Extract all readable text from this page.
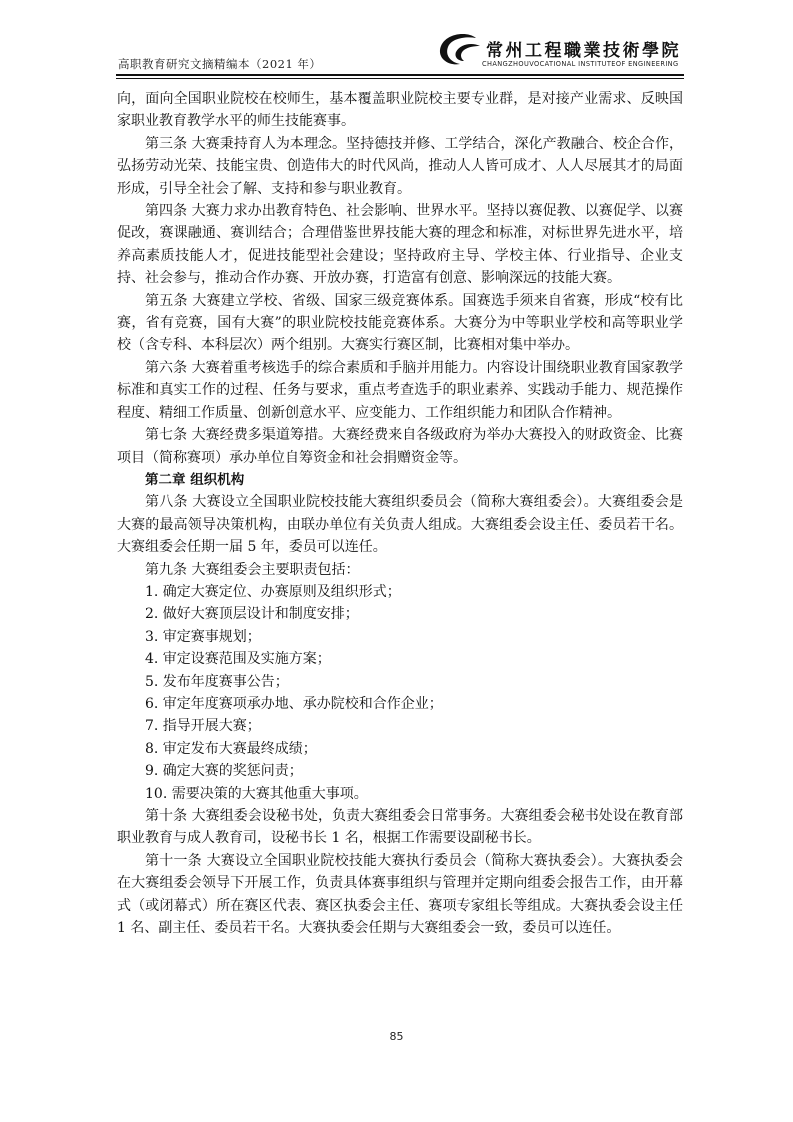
高职教育研究文摘精编本（2021 年）
常州工程職業技術學院
CHANGZHOUVOCATIONAL INSTITUTEOF ENGINEERING

向，面向全国职业院校在校师生，基本覆盖职业院校主要专业群，是对接产业需求、反映国家职业教育教学水平的师生技能赛事。

第三条 大赛秉持育人为本理念。坚持德技并修、工学结合，深化产教融合、校企合作，弘扬劳动光荣、技能宝贵、创造伟大的时代风尚，推动人人皆可成才、人人尽展其才的局面形成，引导全社会了解、支持和参与职业教育。

第四条 大赛力求办出教育特色、社会影响、世界水平。坚持以赛促教、以赛促学、以赛促改，赛课融通、赛训结合；合理借鉴世界技能大赛的理念和标准，对标世界先进水平，培养高素质技能人才，促进技能型社会建设；坚持政府主导、学校主体、行业指导、企业支持、社会参与，推动合作办赛、开放办赛，打造富有创意、影响深远的技能大赛。

第五条 大赛建立学校、省级、国家三级竞赛体系。国赛选手须来自省赛，形成“校有比赛，省有竞赛，国有大赛”的职业院校技能竞赛体系。大赛分为中等职业学校和高等职业学校（含专科、本科层次）两个组别。大赛实行赛区制，比赛相对集中举办。

第六条 大赛着重考核选手的综合素质和手脑并用能力。内容设计围绕职业教育国家教学标准和真实工作的过程、任务与要求，重点考查选手的职业素养、实践动手能力、规范操作程度、精细工作质量、创新创意水平、应变能力、工作组织能力和团队合作精神。

第七条 大赛经费多渠道筹措。大赛经费来自各级政府为举办大赛投入的财政资金、比赛项目（简称赛项）承办单位自筹资金和社会捐赠资金等。

第二章 组织机构

第八条 大赛设立全国职业院校技能大赛组织委员会（简称大赛组委会）。大赛组委会是大赛的最高领导决策机构，由联办单位有关负责人组成。大赛组委会设主任、委员若干名。大赛组委会任期一届 5 年，委员可以连任。

第九条 大赛组委会主要职责包括：

1. 确定大赛定位、办赛原则及组织形式；

2. 做好大赛顶层设计和制度安排；

3. 审定赛事规划；

4. 审定设赛范围及实施方案；

5. 发布年度赛事公告；

6. 审定年度赛项承办地、承办院校和合作企业；

7. 指导开展大赛；

8. 审定发布大赛最终成绩；

9. 确定大赛的奖惩问责；

10. 需要决策的大赛其他重大事项。

第十条 大赛组委会设秘书处，负责大赛组委会日常事务。大赛组委会秘书处设在教育部职业教育与成人教育司，设秘书长 1 名，根据工作需要设副秘书长。

第十一条 大赛设立全国职业院校技能大赛执行委员会（简称大赛执委会）。大赛执委会在大赛组委会领导下开展工作，负责具体赛事组织与管理并定期向组委会报告工作，由开幕式（或闭幕式）所在赛区代表、赛区执委会主任、赛项专家组长等组成。大赛执委会设主任 1 名、副主任、委员若干名。大赛执委会任期与大赛组委会一致，委员可以连任。

85
